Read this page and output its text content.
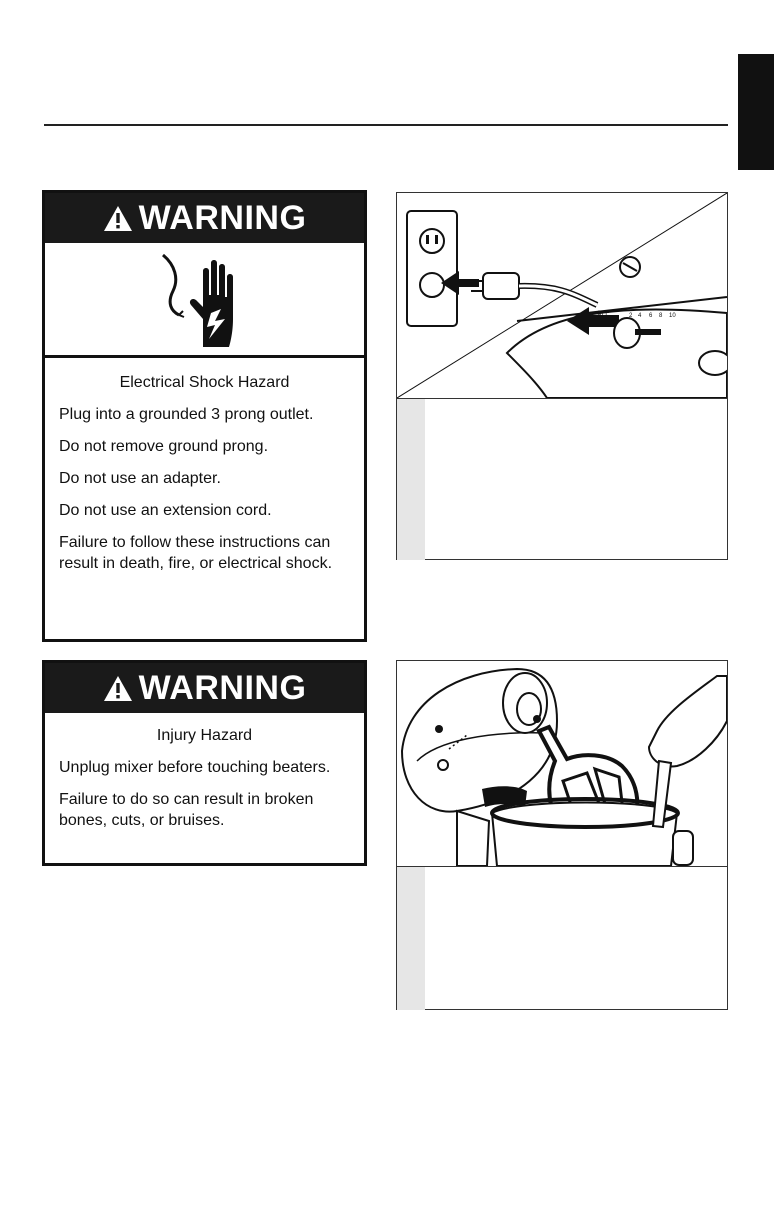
WARNING
Electrical Shock Hazard

Plug into a grounded 3 prong outlet.

Do not remove ground prong.

Do not use an adapter.

Do not use an extension cord.

Failure to follow these instructions can result in death, fire, or electrical shock.

WARNING
Injury Hazard

Unplug mixer before touching beaters.

Failure to do so can result in broken bones, cuts, or bruises.

OFF	2 4 6 8 10
